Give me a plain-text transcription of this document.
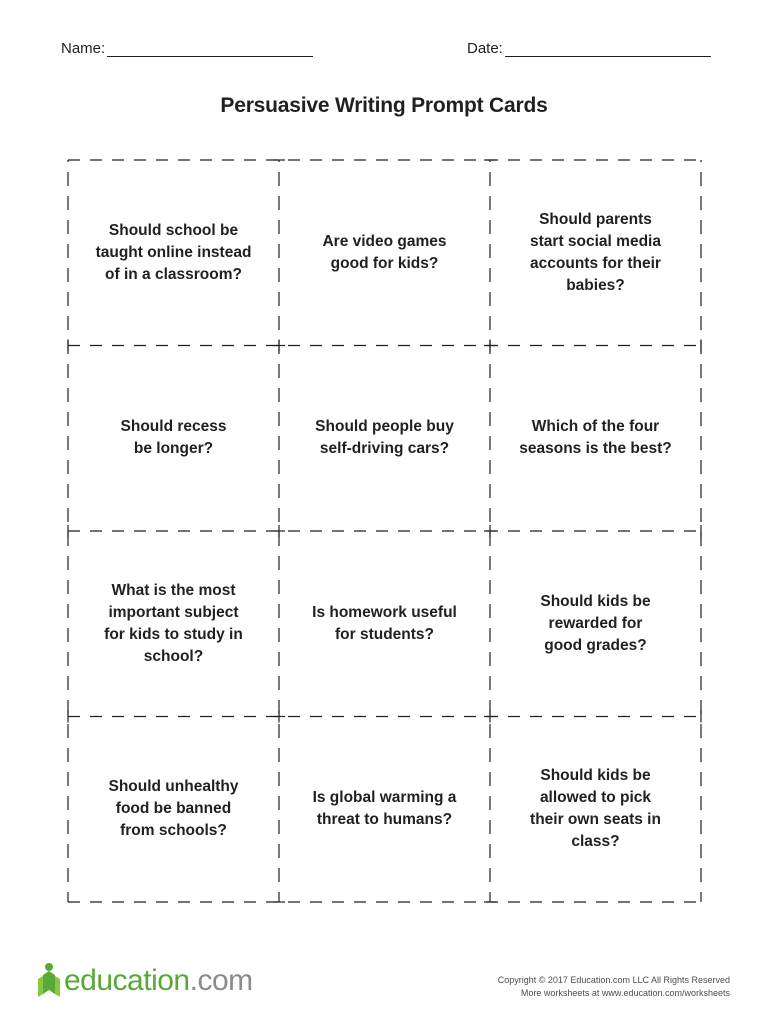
Name:	Date:
Persuasive Writing Prompt Cards
Should school be taught online instead of in a classroom?
Are video games good for kids?
Should parents start social media accounts for their babies?
Should recess be longer?
Should people buy self-driving cars?
Which of the four seasons is the best?
What is the most important subject for kids to study in school?
Is homework useful for students?
Should kids be rewarded for good grades?
Should unhealthy food be banned from schools?
Is global warming a threat to humans?
Should kids be allowed to pick their own seats in class?
education.com	Copyright © 2017 Education.com LLC All Rights Reserved
More worksheets at www.education.com/worksheets
